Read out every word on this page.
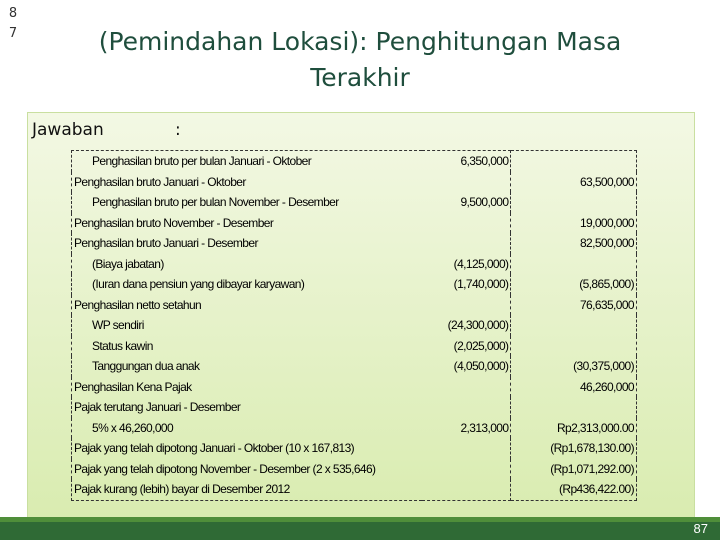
8
7	(Pemindahan Lokasi): Penghitungan Masa
Terakhir
Jawaban	:
Penghasilan bruto per bulan Januari - Oktober	6,350,000	
Penghasilan bruto Januari - Oktober		63,500,000
Penghasilan bruto per bulan November - Desember	9,500,000	
Penghasilan bruto November - Desember		19,000,000
Penghasilan bruto Januari - Desember		82,500,000
(Biaya jabatan)	(4,125,000)	
(Iuran dana pensiun yang dibayar karyawan)	(1,740,000)	(5,865,000)
Penghasilan netto setahun		76,635,000
WP sendiri	(24,300,000)	
Status kawin	(2,025,000)	
Tanggungan dua anak	(4,050,000)	(30,375,000)
Penghasilan Kena Pajak		46,260,000
Pajak terutang Januari - Desember		
5% x 46,260,000	2,313,000	Rp2,313,000.00
Pajak yang telah dipotong Januari - Oktober (10 x 167,813)		(Rp1,678,130.00)
Pajak yang telah dipotong November - Desember (2 x 535,646)		(Rp1,071,292.00)
Pajak kurang (lebih) bayar di Desember 2012		(Rp436,422.00)
87
